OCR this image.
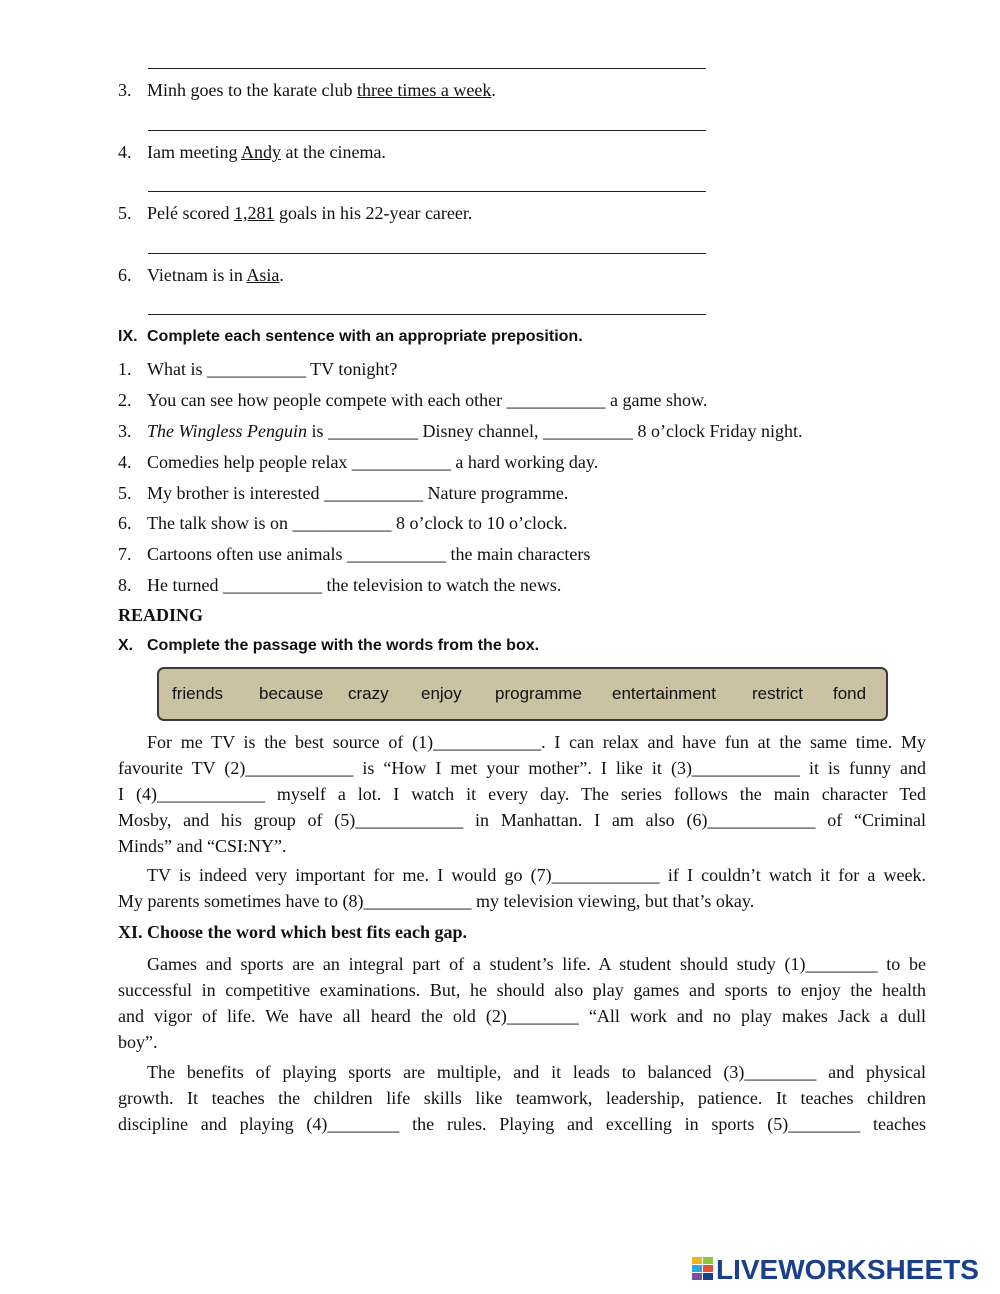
3. Minh goes to the karate club three times a week.
4. Iam meeting Andy at the cinema.
5. Pelé scored 1,281 goals in his 22-year career.
6. Vietnam is in Asia.
IX. Complete each sentence with an appropriate preposition.
1. What is ___________ TV tonight?
2. You can see how people compete with each other ___________ a game show.
3. The Wingless Penguin is __________ Disney channel, __________ 8 o’clock Friday night.
4. Comedies help people relax ___________ a hard working day.
5. My brother is interested ___________ Nature programme.
6. The talk show is on ___________ 8 o’clock to 10 o’clock.
7. Cartoons often use animals ___________ the main characters
8. He turned ___________ the television to watch the news.
READING
X. Complete the passage with the words from the box.
friends because crazy enjoy programme entertainment restrict fond
For me TV is the best source of (1)____________. I can relax and have fun at the same time. My
favourite TV (2)____________ is “How I met your mother”. I like it (3)____________ it is funny and
I (4)____________ myself a lot. I watch it every day. The series follows the main character Ted
Mosby, and his group of (5)____________ in Manhattan. I am also (6)____________ of “Criminal
Minds” and “CSI:NY”.
TV is indeed very important for me. I would go (7)____________ if I couldn’t watch it for a week.
My parents sometimes have to (8)____________ my television viewing, but that’s okay.
XI. Choose the word which best fits each gap.
Games and sports are an integral part of a student’s life. A student should study (1)________ to be
successful in competitive examinations. But, he should also play games and sports to enjoy the health
and vigor of life. We have all heard the old (2)________ “All work and no play makes Jack a dull
boy”.
The benefits of playing sports are multiple, and it leads to balanced (3)________ and physical
growth. It teaches the children life skills like teamwork, leadership, patience. It teaches children
discipline and playing (4)________ the rules. Playing and excelling in sports (5)________ teaches
LIVEWORKSHEETS
